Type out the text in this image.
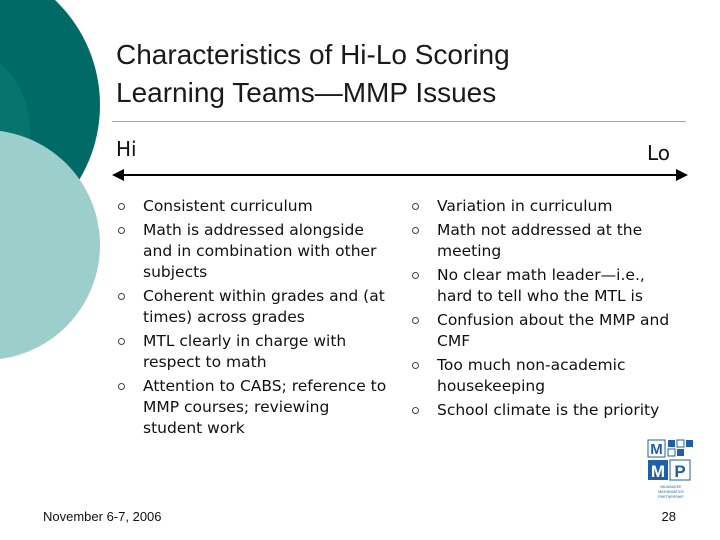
Characteristics of Hi-Lo Scoring
Learning Teams—MMP Issues
Hi	Lo
Consistent curriculum
Math is addressed alongside and in combination with other subjects
Coherent within grades and (at times) across grades
MTL clearly in charge with respect to math
Attention to CABS; reference to MMP courses; reviewing student work
Variation in curriculum
Math not addressed at the meeting
No clear math leader—i.e., hard to tell who the MTL is
Confusion about the MMP and CMF
Too much non-academic housekeeping
School climate is the priority
M
M P
MILWAUKEE
MATHEMATICS
PARTNERSHIP
November 6-7, 2006	28
